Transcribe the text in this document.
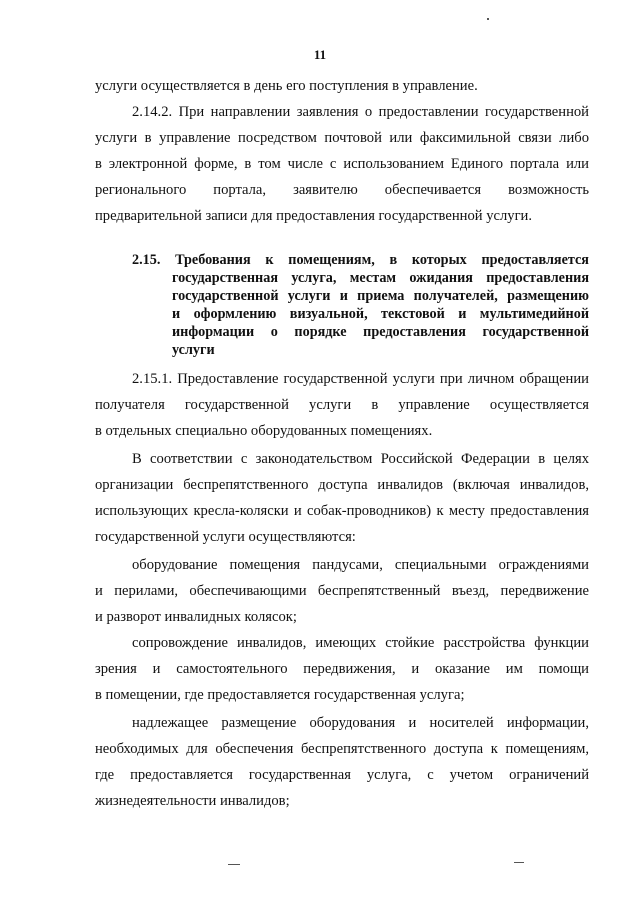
11
услуги осуществляется в день его поступления в управление.
2.14.2. При направлении заявления о предоставлении государственной
услуги в управление посредством почтовой или факсимильной связи либо
в электронной форме, в том числе с использованием Единого портала или
регионального портала, заявителю обеспечивается возможность
предварительной записи для предоставления государственной услуги.
2.15. Требования к помещениям, в которых предоставляется
государственная услуга, местам ожидания предоставления
государственной услуги и приема получателей, размещению
и оформлению визуальной, текстовой и мультимедийной
информации о порядке предоставления государственной
услуги
2.15.1. Предоставление государственной услуги при личном обращении
получателя государственной услуги в управление осуществляется
в отдельных специально оборудованных помещениях.
В соответствии с законодательством Российской Федерации в целях
организации беспрепятственного доступа инвалидов (включая инвалидов,
использующих кресла-коляски и собак-проводников) к месту предоставления
государственной услуги осуществляются:
оборудование помещения пандусами, специальными ограждениями
и перилами, обеспечивающими беспрепятственный въезд, передвижение
и разворот инвалидных колясок;
сопровождение инвалидов, имеющих стойкие расстройства функции
зрения и самостоятельного передвижения, и оказание им помощи
в помещении, где предоставляется государственная услуга;
надлежащее размещение оборудования и носителей информации,
необходимых для обеспечения беспрепятственного доступа к помещениям,
где предоставляется государственная услуга, с учетом ограничений
жизнедеятельности инвалидов;
